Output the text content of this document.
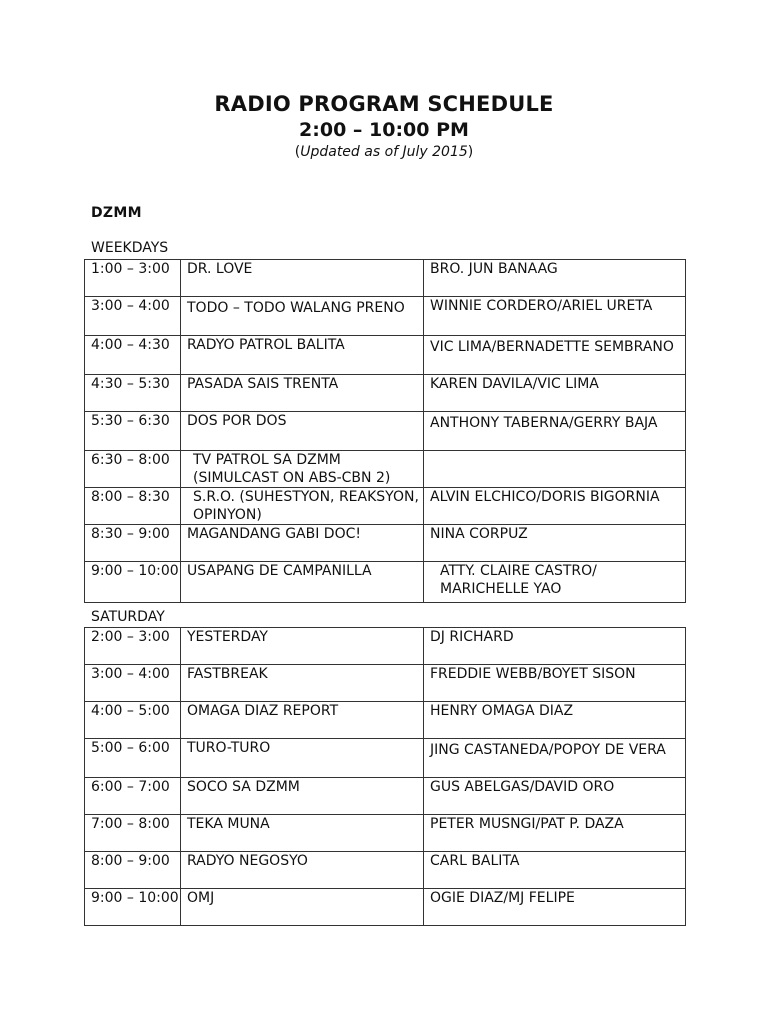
RADIO PROGRAM SCHEDULE
2:00 – 10:00 PM
(Updated as of July 2015)
DZMM
WEEKDAYS
1:00 – 3:00	DR. LOVE	BRO. JUN BANAAG
3:00 – 4:00	TODO – TODO WALANG PRENO	WINNIE CORDERO/ARIEL URETA
4:00 – 4:30	RADYO PATROL BALITA	VIC LIMA/BERNADETTE SEMBRANO
4:30 – 5:30	PASADA SAIS TRENTA	KAREN DAVILA/VIC LIMA
5:30 – 6:30	DOS POR DOS	ANTHONY TABERNA/GERRY BAJA
6:30 – 8:00	TV PATROL SA DZMM (SIMULCAST ON ABS-CBN 2)	
8:00 – 8:30	S.R.O. (SUHESTYON, REAKSYON, OPINYON)	ALVIN ELCHICO/DORIS BIGORNIA
8:30 – 9:00	MAGANDANG GABI DOC!	NINA CORPUZ
9:00 – 10:00	USAPANG DE CAMPANILLA	ATTY. CLAIRE CASTRO/ MARICHELLE YAO
SATURDAY
2:00 – 3:00	YESTERDAY	DJ RICHARD
3:00 – 4:00	FASTBREAK	FREDDIE WEBB/BOYET SISON
4:00 – 5:00	OMAGA DIAZ REPORT	HENRY OMAGA DIAZ
5:00 – 6:00	TURO-TURO	JING CASTANEDA/POPOY DE VERA
6:00 – 7:00	SOCO SA DZMM	GUS ABELGAS/DAVID ORO
7:00 – 8:00	TEKA MUNA	PETER MUSNGI/PAT P. DAZA
8:00 – 9:00	RADYO NEGOSYO	CARL BALITA
9:00 – 10:00	OMJ	OGIE DIAZ/MJ FELIPE
